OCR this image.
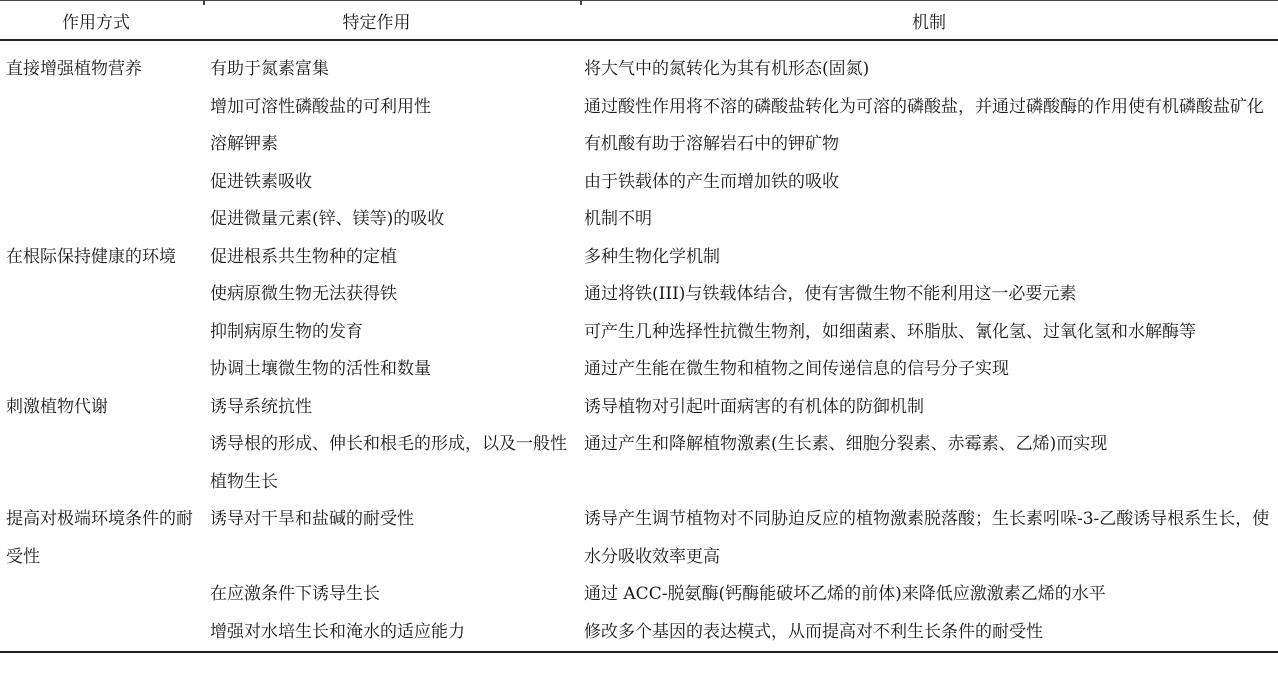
作用方式	特定作用	机制

直接增强植物营养	有助于氮素富集	将大气中的氮转化为其有机形态(固氮)

	增加可溶性磷酸盐的可利用性	通过酸性作用将不溶的磷酸盐转化为可溶的磷酸盐，并通过磷酸酶的作用使有机磷酸盐矿化

	溶解钾素	有机酸有助于溶解岩石中的钾矿物

	促进铁素吸收	由于铁载体的产生而增加铁的吸收

	促进微量元素(锌、镁等)的吸收	机制不明

在根际保持健康的环境	促进根系共生物种的定植	多种生物化学机制

	使病原微生物无法获得铁	通过将铁(III)与铁载体结合，使有害微生物不能利用这一必要元素

	抑制病原生物的发育	可产生几种选择性抗微生物剂，如细菌素、环脂肽、氰化氢、过氧化氢和水解酶等

	协调土壤微生物的活性和数量	通过产生能在微生物和植物之间传递信息的信号分子实现

刺激植物代谢	诱导系统抗性	诱导植物对引起叶面病害的有机体的防御机制

	诱导根的形成、伸长和根毛的形成，以及一般性植物生长	通过产生和降解植物激素(生长素、细胞分裂素、赤霉素、乙烯)而实现

提高对极端环境条件的耐受性	诱导对干旱和盐碱的耐受性	诱导产生调节植物对不同胁迫反应的植物激素脱落酸；生长素吲哚-3-乙酸诱导根系生长，使水分吸收效率更高

	在应激条件下诱导生长	通过 ACC-脱氨酶(钙酶能破坏乙烯的前体)来降低应激激素乙烯的水平

	增强对水培生长和淹水的适应能力	修改多个基因的表达模式，从而提高对不利生长条件的耐受性
